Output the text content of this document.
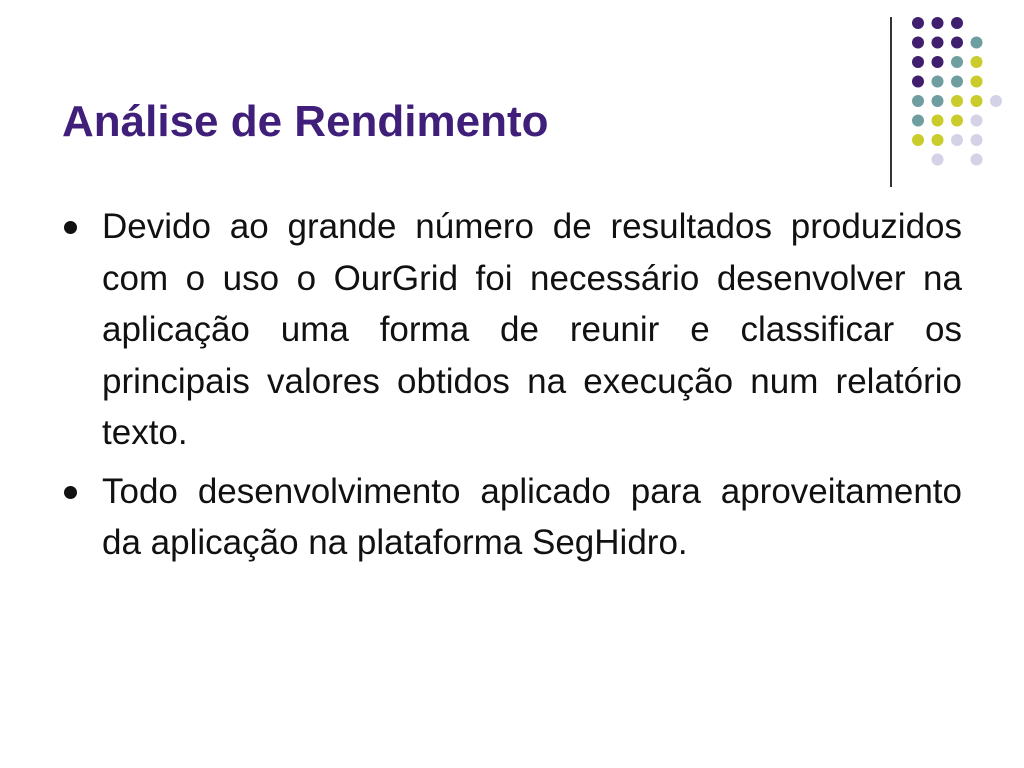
Análise de Rendimento
Devido ao grande número de resultados produzidos com o uso o OurGrid foi necessário desenvolver na aplicação uma forma de reunir e classificar os principais valores obtidos na execução num relatório texto.
Todo desenvolvimento aplicado para aproveitamento da aplicação na plataforma SegHidro.
